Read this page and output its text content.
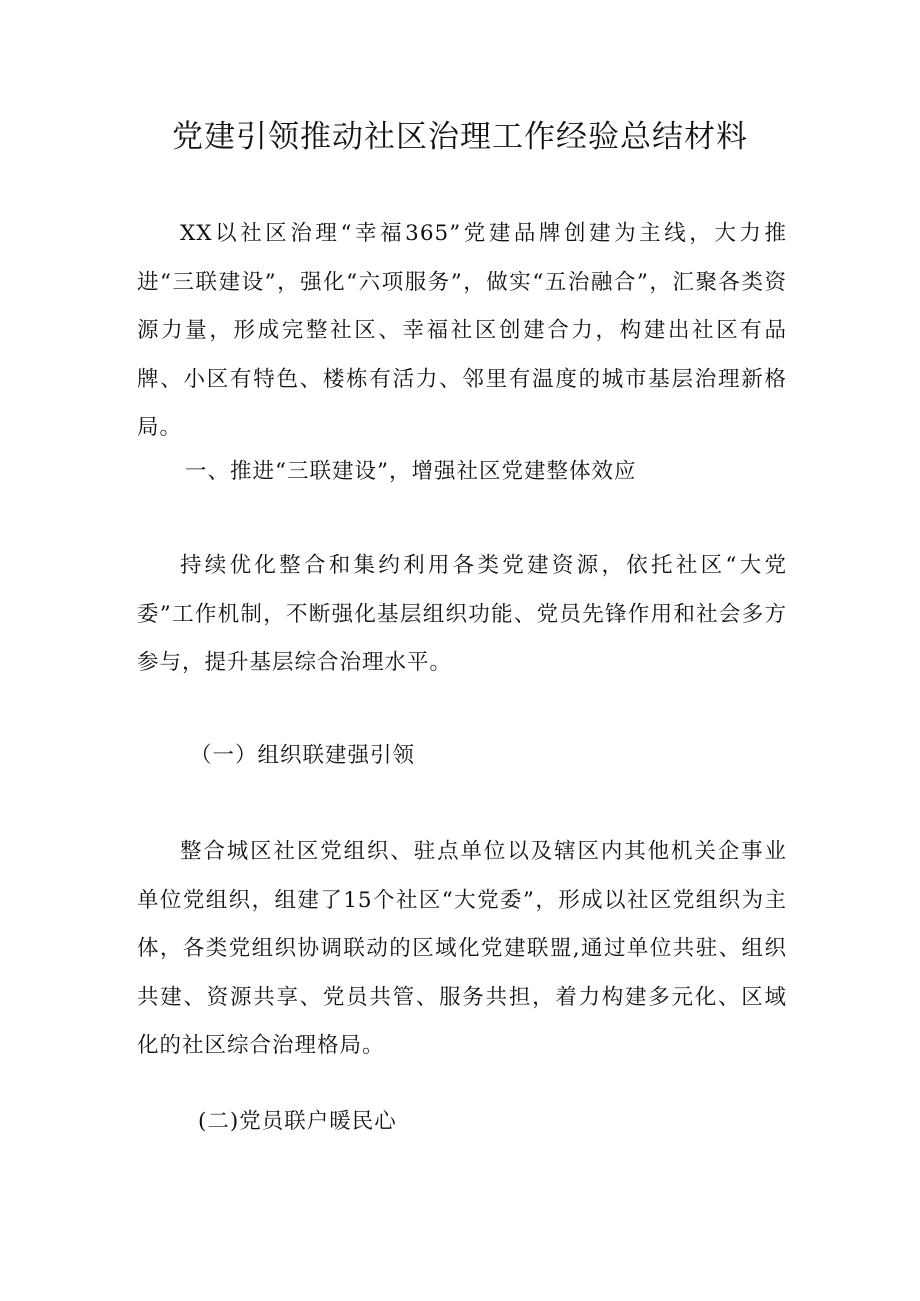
党建引领推动社区治理工作经验总结材料

XX以社区治理“幸福365”党建品牌创建为主线，大力推进“三联建设”，强化“六项服务”，做实“五治融合”，汇聚各类资源力量，形成完整社区、幸福社区创建合力，构建出社区有品牌、小区有特色、楼栋有活力、邻里有温度的城市基层治理新格局。

一、推进“三联建设”，增强社区党建整体效应

持续优化整合和集约利用各类党建资源，依托社区“大党委”工作机制，不断强化基层组织功能、党员先锋作用和社会多方参与，提升基层综合治理水平。

（一）组织联建强引领

整合城区社区党组织、驻点单位以及辖区内其他机关企事业单位党组织，组建了15个社区“大党委”，形成以社区党组织为主体，各类党组织协调联动的区域化党建联盟,通过单位共驻、组织共建、资源共享、党员共管、服务共担，着力构建多元化、区域化的社区综合治理格局。

(二)党员联户暖民心
